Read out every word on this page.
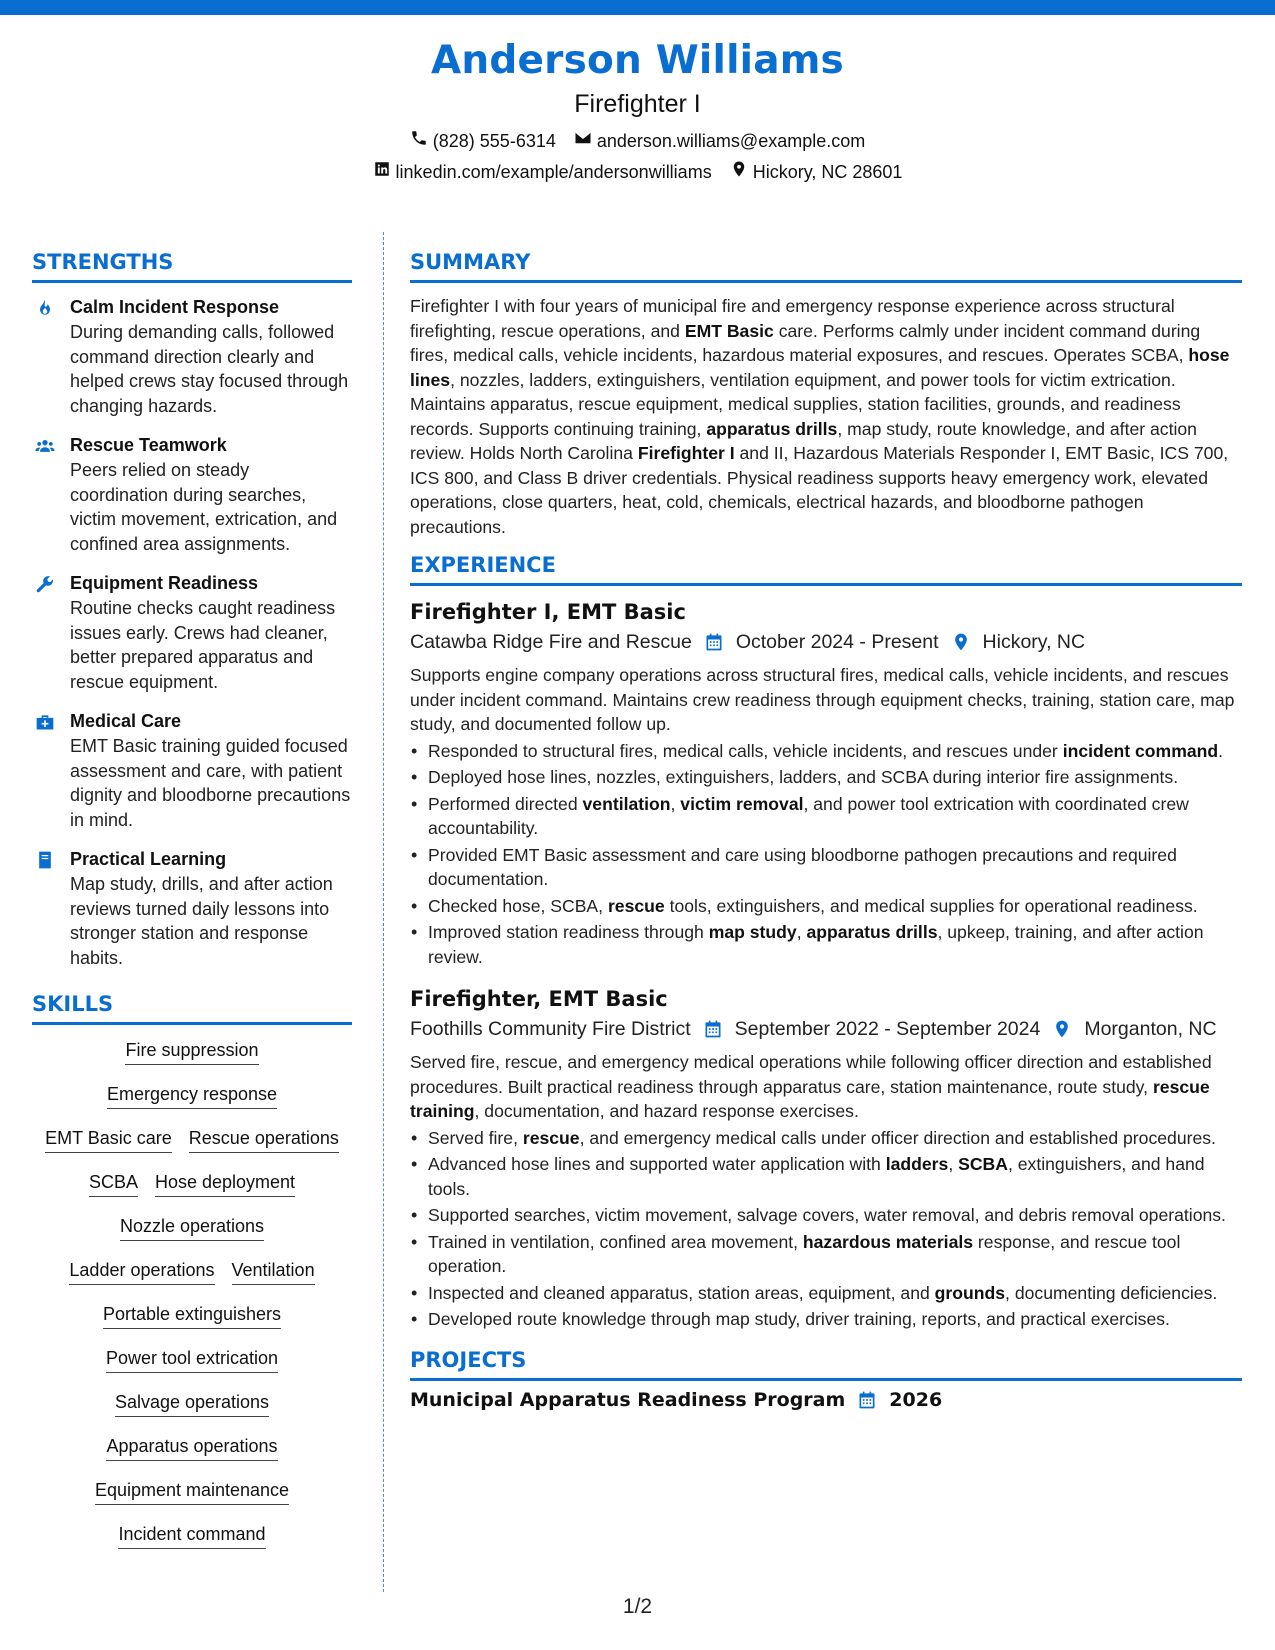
Anderson Williams
Firefighter I
(828) 555-6314 anderson.williams@example.com
linkedin.com/example/andersonwilliams Hickory, NC 28601
STRENGTHS
Calm Incident Response
During demanding calls, followed command direction clearly and helped crews stay focused through changing hazards.
Rescue Teamwork
Peers relied on steady coordination during searches, victim movement, extrication, and confined area assignments.
Equipment Readiness
Routine checks caught readiness issues early. Crews had cleaner, better prepared apparatus and rescue equipment.
Medical Care
EMT Basic training guided focused assessment and care, with patient dignity and bloodborne precautions in mind.
Practical Learning
Map study, drills, and after action reviews turned daily lessons into stronger station and response habits.
SKILLS
Fire suppression
Emergency response
EMT Basic care Rescue operations
SCBA Hose deployment
Nozzle operations
Ladder operations Ventilation
Portable extinguishers
Power tool extrication
Salvage operations
Apparatus operations
Equipment maintenance
Incident command
SUMMARY
Firefighter I with four years of municipal fire and emergency response experience across structural firefighting, rescue operations, and EMT Basic care. Performs calmly under incident command during fires, medical calls, vehicle incidents, hazardous material exposures, and rescues. Operates SCBA, hose lines, nozzles, ladders, extinguishers, ventilation equipment, and power tools for victim extrication. Maintains apparatus, rescue equipment, medical supplies, station facilities, grounds, and readiness records. Supports continuing training, apparatus drills, map study, route knowledge, and after action review. Holds North Carolina Firefighter I and II, Hazardous Materials Responder I, EMT Basic, ICS 700, ICS 800, and Class B driver credentials. Physical readiness supports heavy emergency work, elevated operations, close quarters, heat, cold, chemicals, electrical hazards, and bloodborne pathogen precautions.
EXPERIENCE
Firefighter I, EMT Basic
Catawba Ridge Fire and Rescue October 2024 - Present Hickory, NC
Supports engine company operations across structural fires, medical calls, vehicle incidents, and rescues under incident command. Maintains crew readiness through equipment checks, training, station care, map study, and documented follow up.
• Responded to structural fires, medical calls, vehicle incidents, and rescues under incident command.
• Deployed hose lines, nozzles, extinguishers, ladders, and SCBA during interior fire assignments.
• Performed directed ventilation, victim removal, and power tool extrication with coordinated crew accountability.
• Provided EMT Basic assessment and care using bloodborne pathogen precautions and required documentation.
• Checked hose, SCBA, rescue tools, extinguishers, and medical supplies for operational readiness.
• Improved station readiness through map study, apparatus drills, upkeep, training, and after action review.
Firefighter, EMT Basic
Foothills Community Fire District September 2022 - September 2024 Morganton, NC
Served fire, rescue, and emergency medical operations while following officer direction and established procedures. Built practical readiness through apparatus care, station maintenance, route study, rescue training, documentation, and hazard response exercises.
• Served fire, rescue, and emergency medical calls under officer direction and established procedures.
• Advanced hose lines and supported water application with ladders, SCBA, extinguishers, and hand tools.
• Supported searches, victim movement, salvage covers, water removal, and debris removal operations.
• Trained in ventilation, confined area movement, hazardous materials response, and rescue tool operation.
• Inspected and cleaned apparatus, station areas, equipment, and grounds, documenting deficiencies.
• Developed route knowledge through map study, driver training, reports, and practical exercises.
PROJECTS
Municipal Apparatus Readiness Program 2026
1/2
